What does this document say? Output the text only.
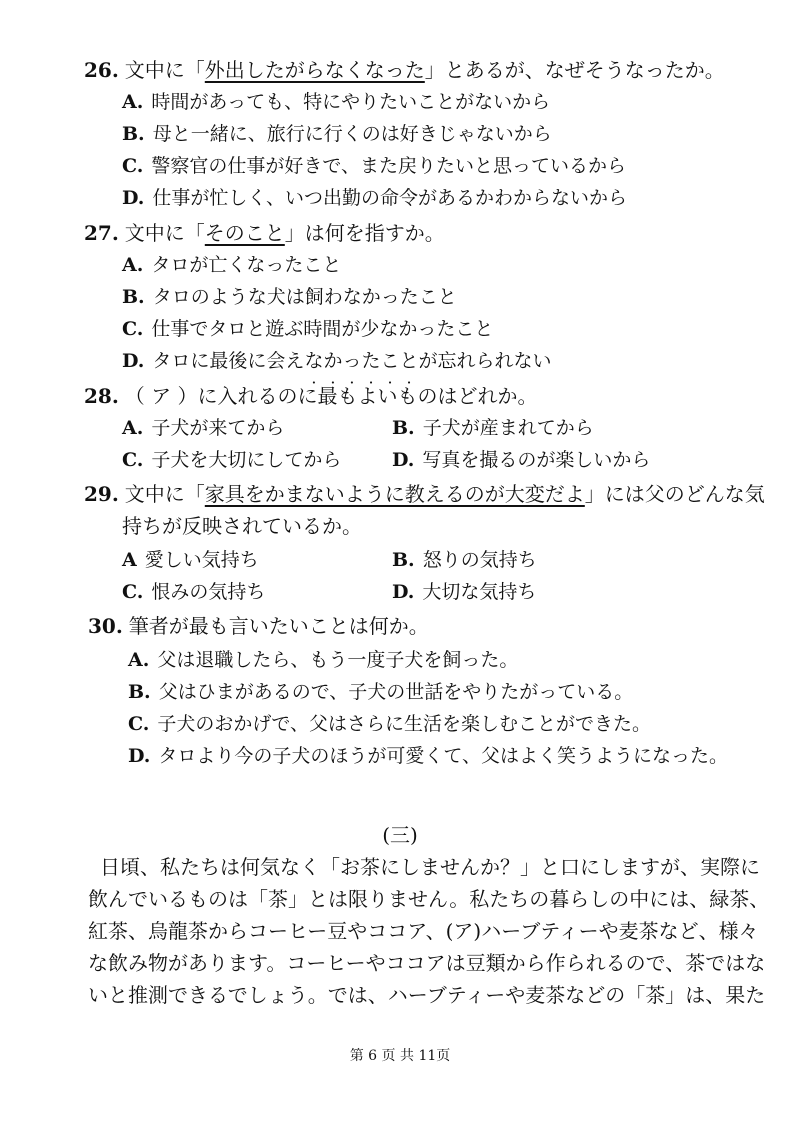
26. 文中に「外出したがらなくなった」とあるが、なぜそうなったか。
A. 時間があっても、特にやりたいことがないから
B. 母と一緒に、旅行に行くのは好きじゃないから
C. 警察官の仕事が好きで、また戻りたいと思っているから
D. 仕事が忙しく、いつ出勤の命令があるかわからないから
27. 文中に「そのこと」は何を指すか。
A. タロが亡くなったこと
B. タロのような犬は飼わなかったこと
C. 仕事でタロと遊ぶ時間が少なかったこと
D. タロに最後に会えなかったことが忘れられない
28. （ ア ）に入れるのに最もよいものはどれか。
A. 子犬が来てから	B. 子犬が産まれてから
C. 子犬を大切にしてから	D. 写真を撮るのが楽しいから
29. 文中に「家具をかまないように教えるのが大変だよ」には父のどんな気
持ちが反映されているか。
A 愛しい気持ち	B. 怒りの気持ち
C. 恨みの気持ち	D. 大切な気持ち
30. 筆者が最も言いたいことは何か。
A. 父は退職したら、もう一度子犬を飼った。
B. 父はひまがあるので、子犬の世話をやりたがっている。
C. 子犬のおかげで、父はさらに生活を楽しむことができた。
D. タロより今の子犬のほうが可愛くて、父はよく笑うようになった。
(三)
日頃、私たちは何気なく「お茶にしませんか？」と口にしますが、実際に
飲んでいるものは「茶」とは限りません。私たちの暮らしの中には、緑茶、
紅茶、烏龍茶からコーヒー豆やココア、(ア)ハーブティーや麦茶など、様々
な飲み物があります。コーヒーやココアは豆類から作られるので、茶ではな
いと推測できるでしょう。では、ハーブティーや麦茶などの「茶」は、果た
第 6 页 共 11页
